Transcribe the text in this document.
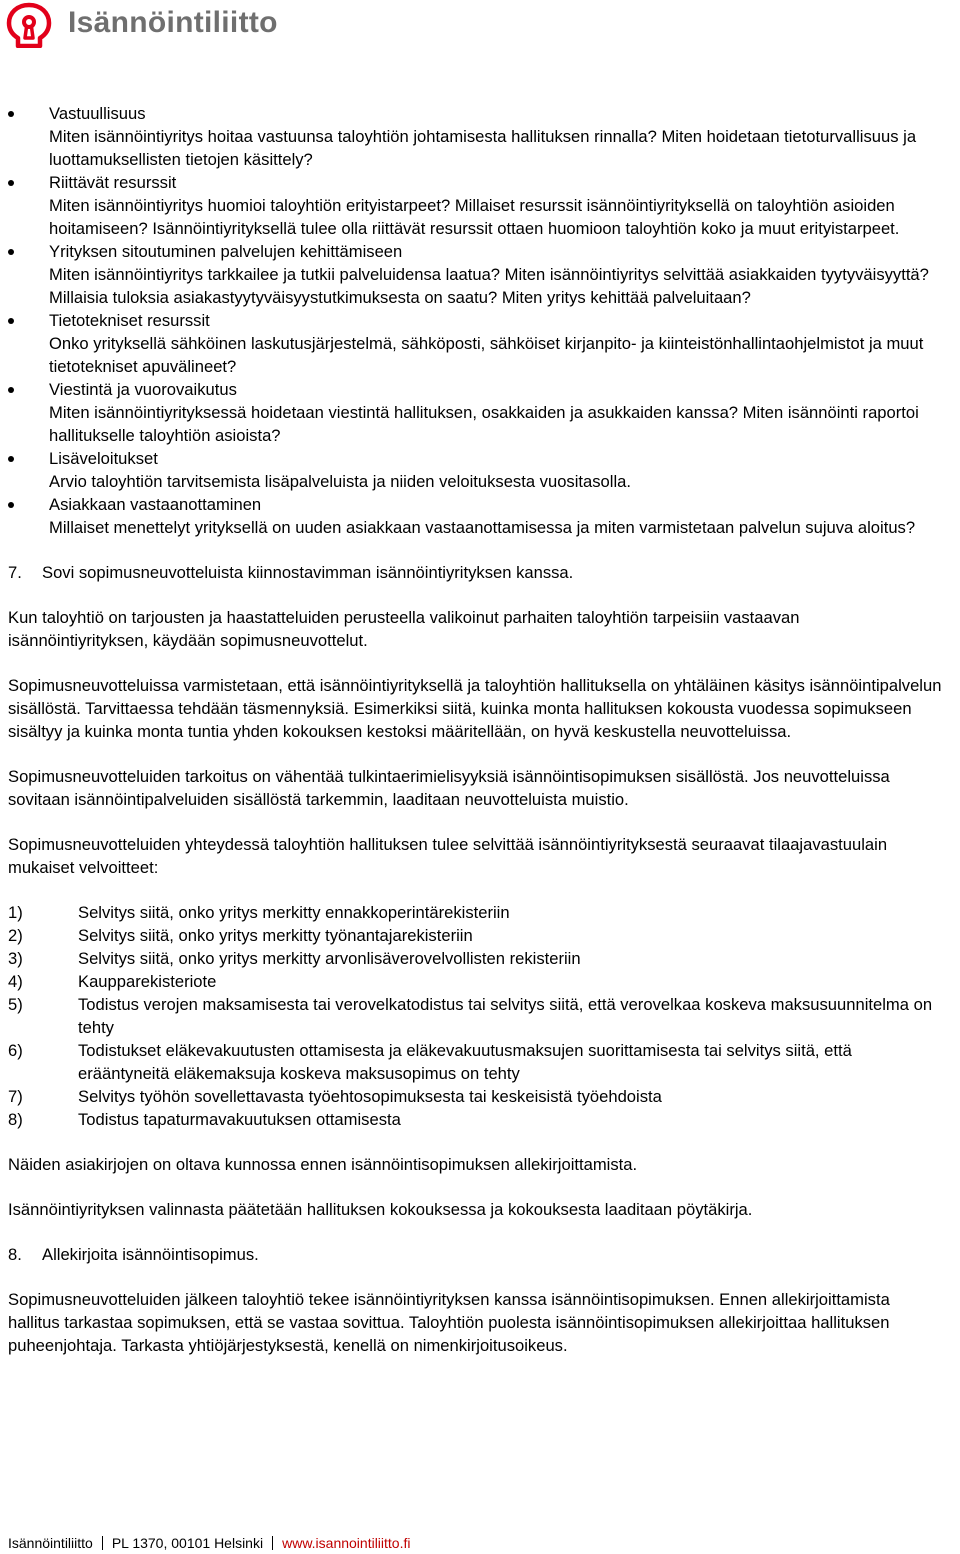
Isännöintiliitto
Vastuullisuus
Miten isännöintiyritys hoitaa vastuunsa taloyhtiön johtamisesta hallituksen rinnalla? Miten hoidetaan tietoturvallisuus ja luottamuksellisten tietojen käsittely?
Riittävät resurssit
Miten isännöintiyritys huomioi taloyhtiön erityistarpeet? Millaiset resurssit isännöintiyrityksellä on taloyhtiön asioiden hoitamiseen? Isännöintiyrityksellä tulee olla riittävät resurssit ottaen huomioon taloyhtiön koko ja muut erityistarpeet.
Yrityksen sitoutuminen palvelujen kehittämiseen
Miten isännöintiyritys tarkkailee ja tutkii palveluidensa laatua? Miten isännöintiyritys selvittää asiakkaiden tyytyväisyyttä? Millaisia tuloksia asiakastyytyväisyystutkimuksesta on saatu? Miten yritys kehittää palveluitaan?
Tietotekniset resurssit
Onko yrityksellä sähköinen laskutusjärjestelmä, sähköposti, sähköiset kirjanpito- ja kiinteistönhallintaohjelmistot ja muut tietotekniset apuvälineet?
Viestintä ja vuorovaikutus
Miten isännöintiyrityksessä hoidetaan viestintä hallituksen, osakkaiden ja asukkaiden kanssa? Miten isännöinti raportoi hallitukselle taloyhtiön asioista?
Lisäveloitukset
Arvio taloyhtiön tarvitsemista lisäpalveluista ja niiden veloituksesta vuositasolla.
Asiakkaan vastaanottaminen
Millaiset menettelyt yrityksellä on uuden asiakkaan vastaanottamisessa ja miten varmistetaan palvelun sujuva aloitus?
7.	Sovi sopimusneuvotteluista kiinnostavimman isännöintiyrityksen kanssa.

Kun taloyhtiö on tarjousten ja haastatteluiden perusteella valikoinut parhaiten taloyhtiön tarpeisiin vastaavan isännöintiyrityksen, käydään sopimusneuvottelut.

Sopimusneuvotteluissa varmistetaan, että isännöintiyrityksellä ja taloyhtiön hallituksella on yhtäläinen käsitys isännöintipalvelun sisällöstä. Tarvittaessa tehdään täsmennyksiä. Esimerkiksi siitä, kuinka monta hallituksen kokousta vuodessa sopimukseen sisältyy ja kuinka monta tuntia yhden kokouksen kestoksi määritellään, on hyvä keskustella neuvotteluissa.

Sopimusneuvotteluiden tarkoitus on vähentää tulkintaerimielisyyksiä isännöintisopimuksen sisällöstä. Jos neuvotteluissa sovitaan isännöintipalveluiden sisällöstä tarkemmin, laaditaan neuvotteluista muistio.

Sopimusneuvotteluiden yhteydessä taloyhtiön hallituksen tulee selvittää isännöintiyrityksestä seuraavat tilaajavastuulain mukaiset velvoitteet:

1)	Selvitys siitä, onko yritys merkitty ennakkoperintärekisteriin
2)	Selvitys siitä, onko yritys merkitty työnantajarekisteriin
3)	Selvitys siitä, onko yritys merkitty arvonlisäverovelvollisten rekisteriin
4)	Kaupparekisteriote
5)	Todistus verojen maksamisesta tai verovelkatodistus tai selvitys siitä, että verovelkaa koskeva maksusuunnitelma on tehty
6)	Todistukset eläkevakuutusten ottamisesta ja eläkevakuutusmaksujen suorittamisesta tai selvitys siitä, että erääntyneitä eläkemaksuja koskeva maksusopimus on tehty
7)	Selvitys työhön sovellettavasta työehtosopimuksesta tai keskeisistä työehdoista
8)	Todistus tapaturmavakuutuksen ottamisesta

Näiden asiakirjojen on oltava kunnossa ennen isännöintisopimuksen allekirjoittamista.

Isännöintiyrityksen valinnasta päätetään hallituksen kokouksessa ja kokouksesta laaditaan pöytäkirja.

8.	Allekirjoita isännöintisopimus.

Sopimusneuvotteluiden jälkeen taloyhtiö tekee isännöintiyrityksen kanssa isännöintisopimuksen. Ennen allekirjoittamista hallitus tarkastaa sopimuksen, että se vastaa sovittua. Taloyhtiön puolesta isännöintisopimuksen allekirjoittaa hallituksen puheenjohtaja. Tarkasta yhtiöjärjestyksestä, kenellä on nimenkirjoitusoikeus.

Isännöintiliitto PL 1370, 00101 Helsinki www.isannointiliitto.fi
